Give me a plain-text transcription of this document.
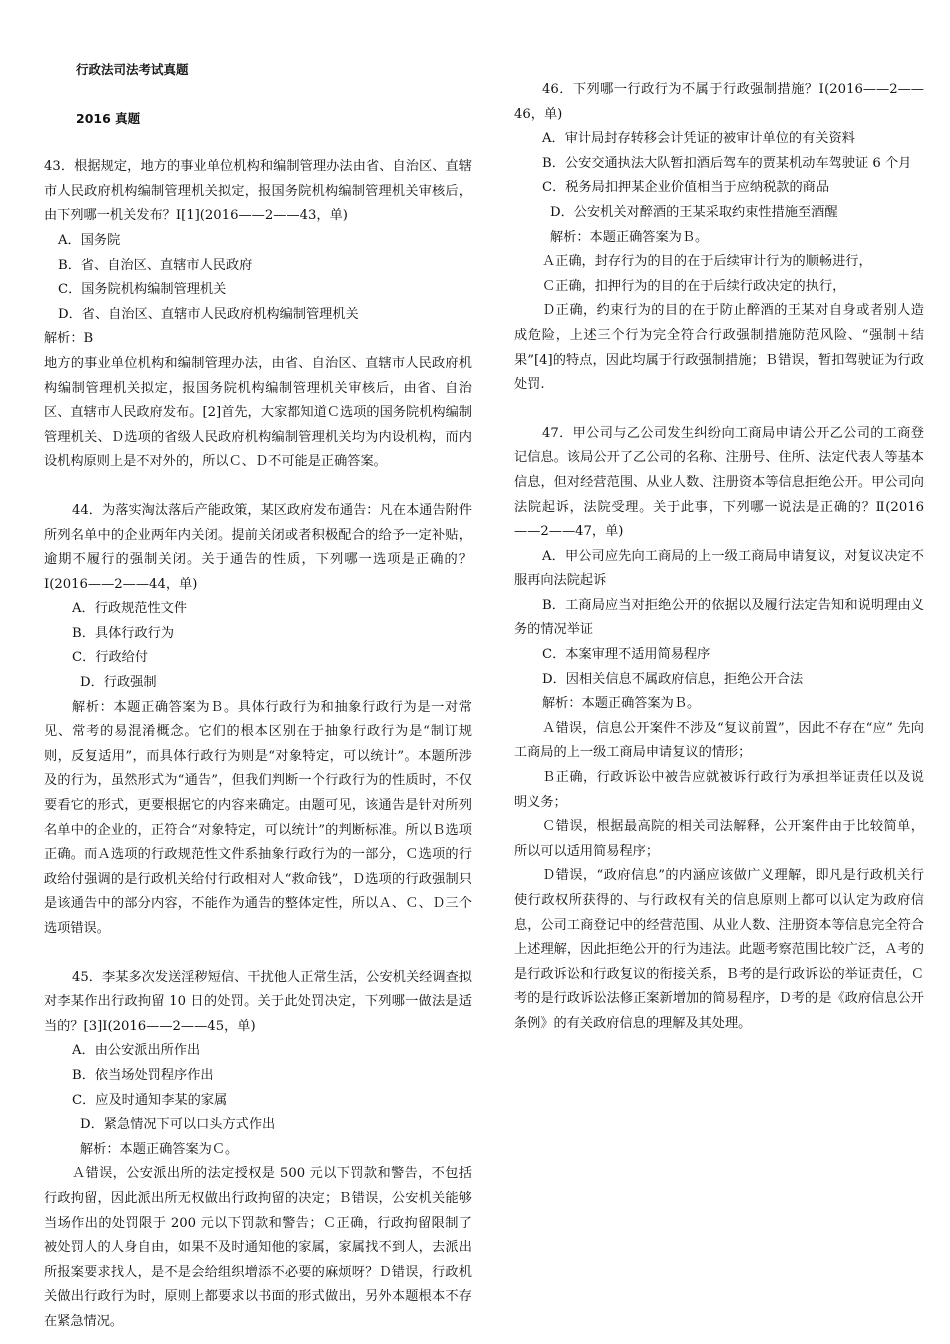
行政法司法考试真题

2016 真题

43．根据规定，地方的事业单位机构和编制管理办法由省、自治区、直辖市人民政府机构编制管理机关拟定，报国务院机构编制管理机关审核后，由下列哪一机关发布？Ⅰ[1](2016——2——43，单)

A．国务院

B．省、自治区、直辖市人民政府

C．国务院机构编制管理机关

D．省、自治区、直辖市人民政府机构编制管理机关

解析：B

地方的事业单位机构和编制管理办法，由省、自治区、直辖市人民政府机构编制管理机关拟定，报国务院机构编制管理机关审核后，由省、自治区、直辖市人民政府发布。[2]首先，大家都知道Ｃ选项的国务院机构编制管理机关、Ｄ选项的省级人民政府机构编制管理机关均为内设机构，而内设机构原则上是不对外的，所以Ｃ、Ｄ不可能是正确答案。

44．为落实淘汰落后产能政策，某区政府发布通告：凡在本通告附件所列名单中的企业两年内关闭。提前关闭或者积极配合的给予一定补贴，逾期不履行的强制关闭。关于通告的性质，下列哪一选项是正确的？Ⅰ(2016——2——44，单)

A．行政规范性文件

B．具体行政行为

C．行政给付

D．行政强制

解析：本题正确答案为Ｂ。具体行政行为和抽象行政行为是一对常见、常考的易混淆概念。它们的根本区别在于抽象行政行为是“制订规则，反复适用”，而具体行政行为则是“对象特定，可以统计”。本题所涉及的行为，虽然形式为“通告”，但我们判断一个行政行为的性质时，不仅要看它的形式，更要根据它的内容来确定。由题可见，该通告是针对所列名单中的企业的，正符合“对象特定，可以统计”的判断标准。所以Ｂ选项正确。而Ａ选项的行政规范性文件系抽象行政行为的一部分，Ｃ选项的行政给付强调的是行政机关给付行政相对人“救命钱”，Ｄ选项的行政强制只是该通告中的部分内容，不能作为通告的整体定性，所以Ａ、Ｃ、Ｄ三个选项错误。

45．李某多次发送淫秽短信、干扰他人正常生活，公安机关经调查拟对李某作出行政拘留 10 日的处罚。关于此处罚决定，下列哪一做法是适当的？[3]Ⅰ(2016——2——45，单)

A．由公安派出所作出

B．依当场处罚程序作出

C．应及时通知李某的家属

D．紧急情况下可以口头方式作出

解析：本题正确答案为Ｃ。

Ａ错误，公安派出所的法定授权是 500 元以下罚款和警告，不包括行政拘留，因此派出所无权做出行政拘留的决定；Ｂ错误，公安机关能够当场作出的处罚限于 200 元以下罚款和警告；Ｃ正确，行政拘留限制了被处罚人的人身自由，如果不及时通知他的家属，家属找不到人，去派出所报案要求找人，是不是会给组织增添不必要的麻烦呀？Ｄ错误，行政机关做出行政行为时，原则上都要求以书面的形式做出，另外本题根本不存在紧急情况。

46．下列哪一行政行为不属于行政强制措施？Ⅰ(2016——2——46，单)

A．审计局封存转移会计凭证的被审计单位的有关资料

B．公安交通执法大队暂扣酒后驾车的贾某机动车驾驶证 6 个月

C．税务局扣押某企业价值相当于应纳税款的商品

D．公安机关对醉酒的王某采取约束性措施至酒醒

解析：本题正确答案为Ｂ。

Ａ正确，封存行为的目的在于后续审计行为的顺畅进行，

Ｃ正确，扣押行为的目的在于后续行政决定的执行，

Ｄ正确，约束行为的目的在于防止醉酒的王某对自身或者别人造成危险，上述三个行为完全符合行政强制措施防范风险、“强制＋结果”[4]的特点，因此均属于行政强制措施；Ｂ错误，暂扣驾驶证为行政处罚.

47．甲公司与乙公司发生纠纷向工商局申请公开乙公司的工商登记信息。该局公开了乙公司的名称、注册号、住所、法定代表人等基本信息，但对经营范围、从业人数、注册资本等信息拒绝公开。甲公司向法院起诉，法院受理。关于此事，下列哪一说法是正确的？Ⅱ(2016——2——47，单)

A．甲公司应先向工商局的上一级工商局申请复议，对复议决定不服再向法院起诉

B．工商局应当对拒绝公开的依据以及履行法定告知和说明理由义务的情况举证

C．本案审理不适用简易程序

D．因相关信息不属政府信息，拒绝公开合法

解析：本题正确答案为Ｂ。

Ａ错误，信息公开案件不涉及“复议前置”，因此不存在“应” 先向工商局的上一级工商局申请复议的情形；

Ｂ正确，行政诉讼中被告应就被诉行政行为承担举证责任以及说明义务；

Ｃ错误，根据最高院的相关司法解释，公开案件由于比较简单，所以可以适用简易程序；

Ｄ错误，“政府信息”的内涵应该做广义理解，即凡是行政机关行使行政权所获得的、与行政权有关的信息原则上都可以认定为政府信息，公司工商登记中的经营范围、从业人数、注册资本等信息完全符合上述理解，因此拒绝公开的行为违法。此题考察范围比较广泛，Ａ考的是行政诉讼和行政复议的衔接关系，Ｂ考的是行政诉讼的举证责任，Ｃ考的是行政诉讼法修正案新增加的简易程序，Ｄ考的是《政府信息公开条例》的有关政府信息的理解及其处理。
